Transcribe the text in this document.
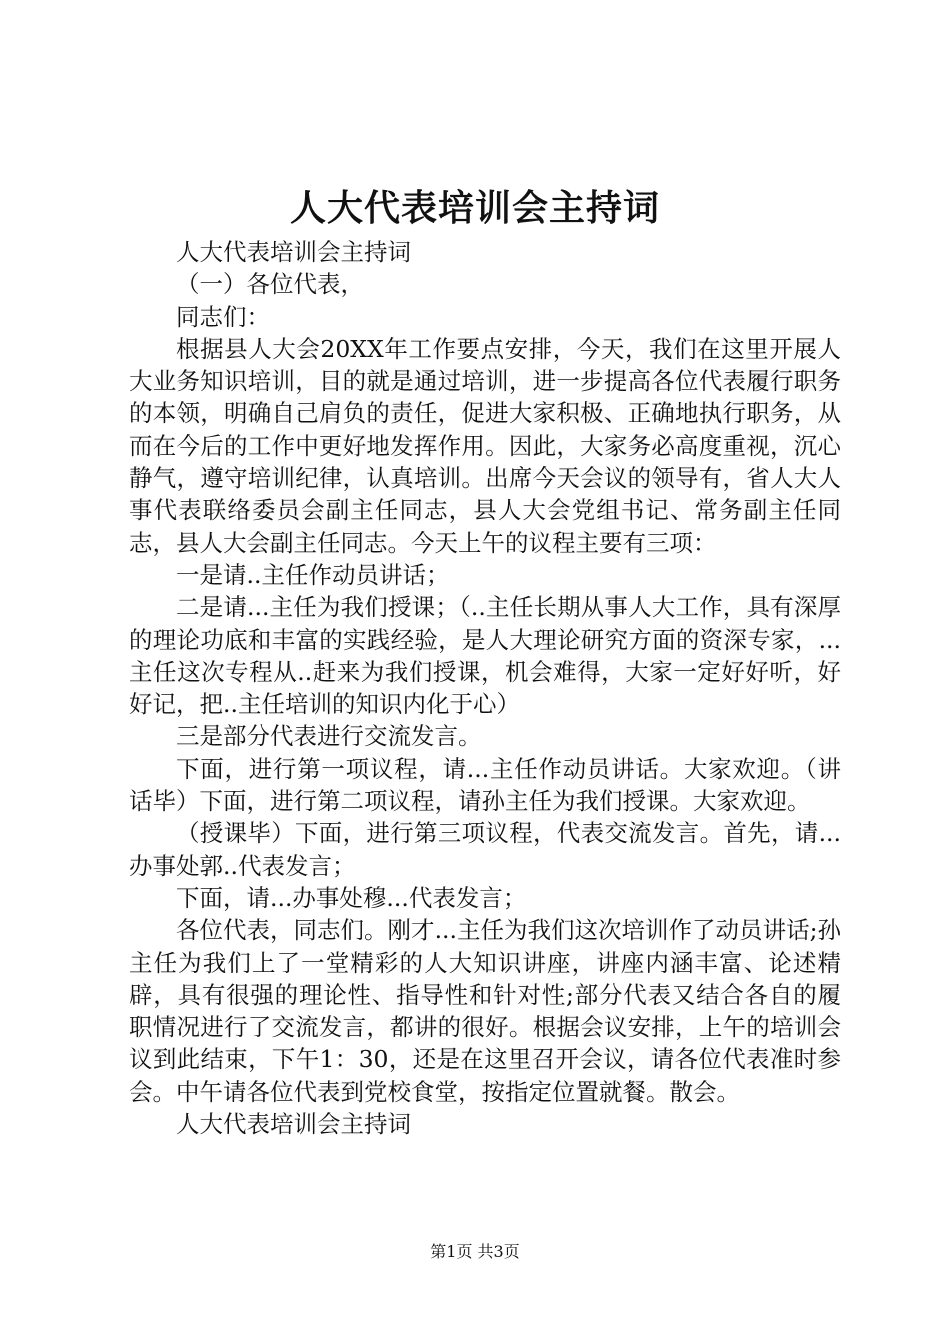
人大代表培训会主持词

人大代表培训会主持词

（一）各位代表，

同志们：

根据县人大会20XX年工作要点安排，今天，我们在这里开展人大业务知识培训，目的就是通过培训，进一步提高各位代表履行职务的本领，明确自己肩负的责任，促进大家积极、正确地执行职务，从而在今后的工作中更好地发挥作用。因此，大家务必高度重视，沉心静气，遵守培训纪律，认真培训。出席今天会议的领导有，省人大人事代表联络委员会副主任同志，县人大会党组书记、常务副主任同志，县人大会副主任同志。今天上午的议程主要有三项：

一是请..主任作动员讲话；

二是请...主任为我们授课；（..主任长期从事人大工作，具有深厚的理论功底和丰富的实践经验，是人大理论研究方面的资深专家，...主任这次专程从..赶来为我们授课，机会难得，大家一定好好听，好好记，把..主任培训的知识内化于心）

三是部分代表进行交流发言。

下面，进行第一项议程，请...主任作动员讲话。大家欢迎。（讲话毕）下面，进行第二项议程，请孙主任为我们授课。大家欢迎。

（授课毕）下面，进行第三项议程，代表交流发言。首先，请...办事处郭..代表发言；

下面，请...办事处穆...代表发言；

各位代表，同志们。刚才...主任为我们这次培训作了动员讲话;孙主任为我们上了一堂精彩的人大知识讲座，讲座内涵丰富、论述精辟，具有很强的理论性、指导性和针对性;部分代表又结合各自的履职情况进行了交流发言，都讲的很好。根据会议安排，上午的培训会议到此结束，下午1：30，还是在这里召开会议，请各位代表准时参会。中午请各位代表到党校食堂，按指定位置就餐。散会。

人大代表培训会主持词

第1页 共3页
